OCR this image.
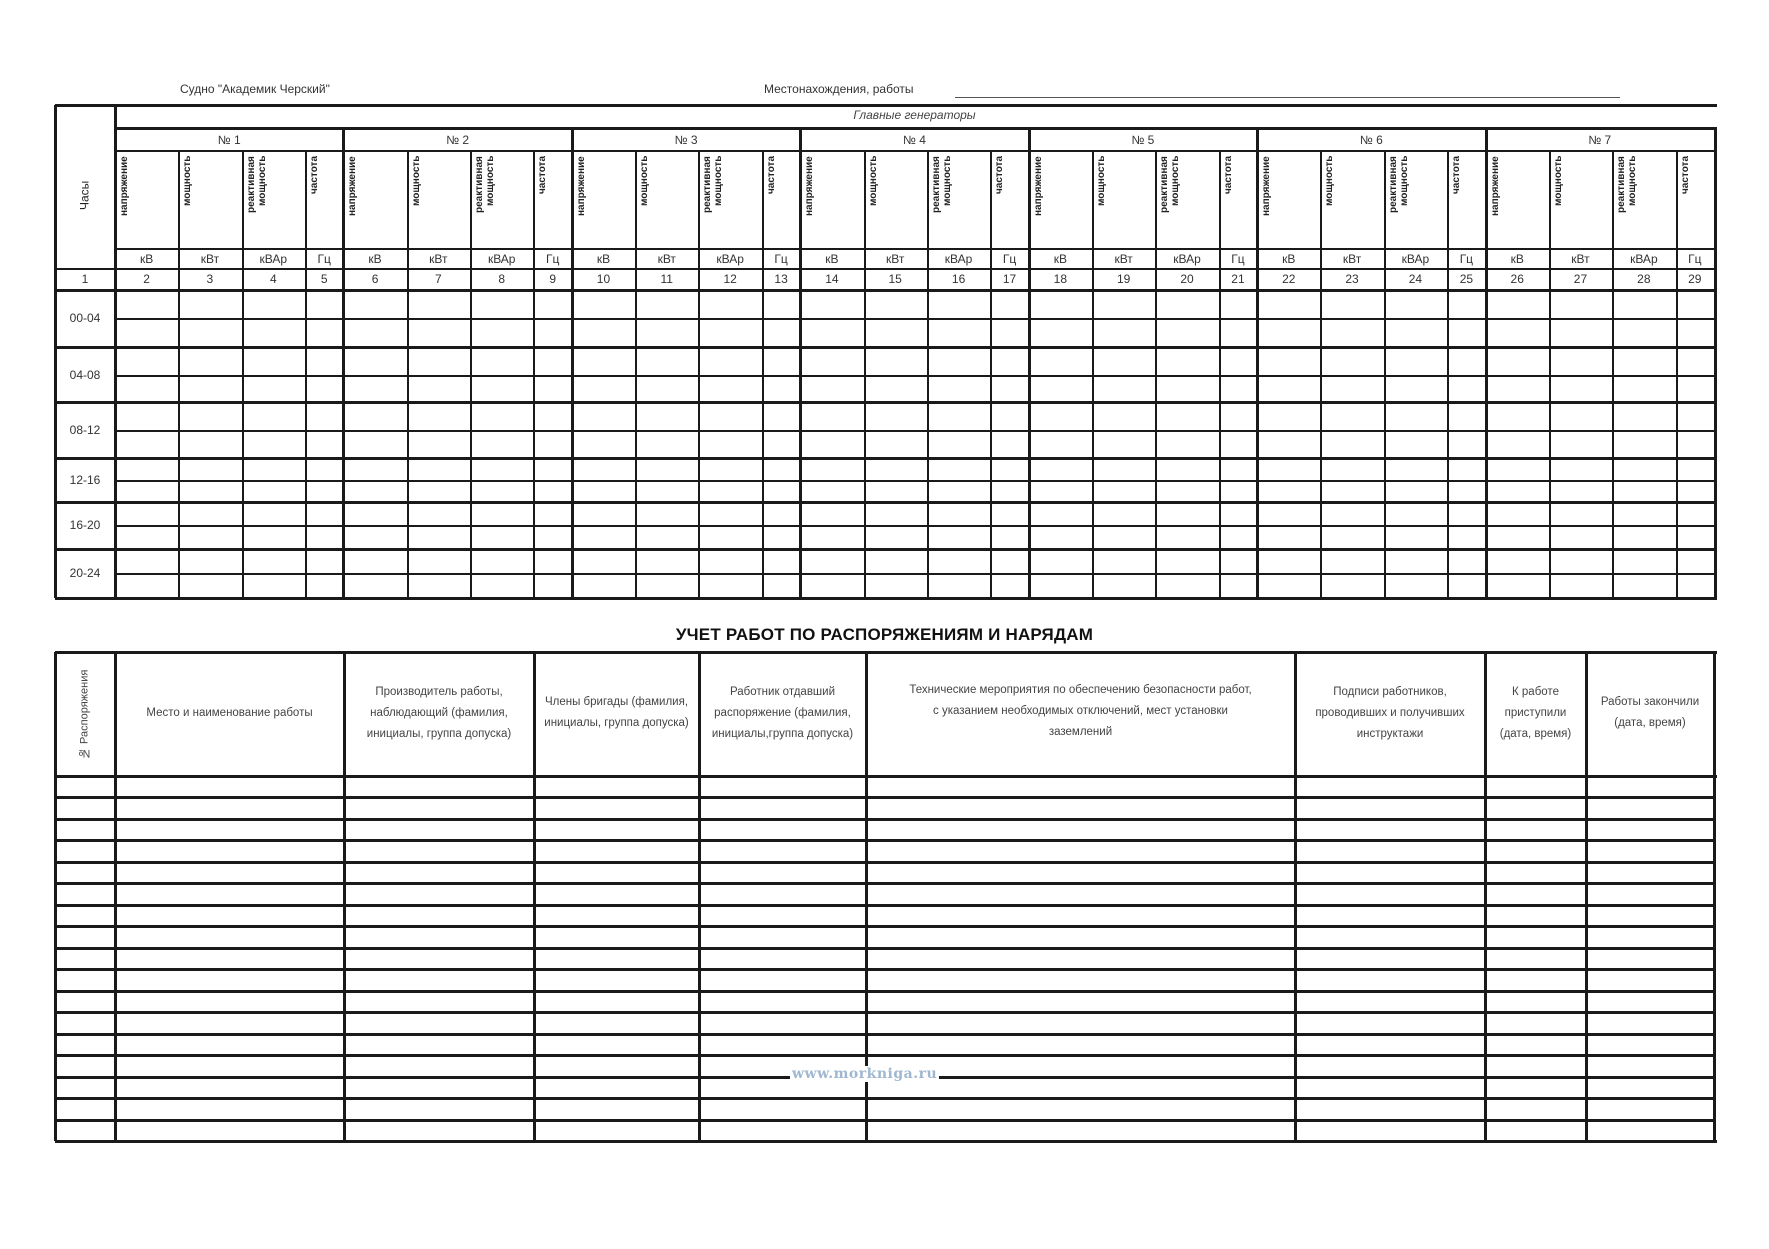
Судно "Академик Черский"	Местонахождения, работы
Главные генераторы
Часы
1
№ 1
напряжение
кВ
2
мощность
кВт
3
реактивная мощность
кВАр
4
частота
Гц
5
№ 2
напряжение
кВ
6
мощность
кВт
7
реактивная мощность
кВАр
8
частота
Гц
9
№ 3
напряжение
кВ
10
мощность
кВт
11
реактивная мощность
кВАр
12
частота
Гц
13
№ 4
напряжение
кВ
14
мощность
кВт
15
реактивная мощность
кВАр
16
частота
Гц
17
№ 5
напряжение
кВ
18
мощность
кВт
19
реактивная мощность
кВАр
20
частота
Гц
21
№ 6
напряжение
кВ
22
мощность
кВт
23
реактивная мощность
кВАр
24
частота
Гц
25
№ 7
напряжение
кВ
26
мощность
кВт
27
реактивная мощность
кВАр
28
частота
Гц
29
00-04
04-08
08-12
12-16
16-20
20-24
УЧЕТ РАБОТ ПО РАСПОРЯЖЕНИЯМ И НАРЯДАМ
№ Распоряжения	Место и наименование работы
Производитель работы, наблюдающий (фамилия, инициалы, группа допуска)
Члены бригады (фамилия, инициалы, группа допуска)
Работник отдавший распоряжение (фамилия, инициалы,группа допуска)
Технические мероприятия по обеспечению безопасности работ, с указанием необходимых отключений, мест установки заземлений
Подписи работников, проводивших и получивших инструктажи
К работе приступили (дата, время)
Работы закончили (дата, время)
www.morkniga.ru
